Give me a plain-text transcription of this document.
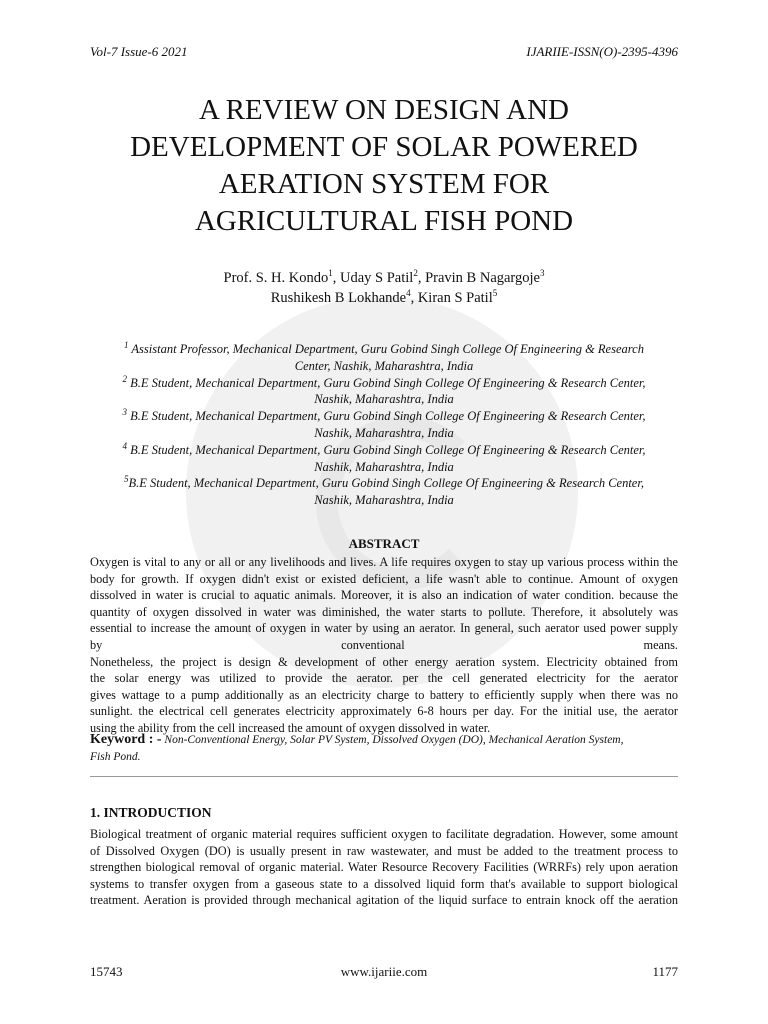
Vol-7 Issue-6 2021	IJARIIE-ISSN(O)-2395-4396
A REVIEW ON DESIGN AND
DEVELOPMENT OF SOLAR POWERED
AERATION SYSTEM FOR
AGRICULTURAL FISH POND
Prof. S. H. Kondo$^1$, Uday S Patil$^2$, Pravin B Nagargoje$^3$
Rushikesh B Lokhande$^4$, Kiran S Patil$^5$
$^1$ Assistant Professor, Mechanical Department, Guru Gobind Singh College Of Engineering & Research
Center, Nashik, Maharashtra, India
$^2$ B.E Student, Mechanical Department, Guru Gobind Singh College Of Engineering & Research Center,
Nashik, Maharashtra, India
$^3$ B.E Student, Mechanical Department, Guru Gobind Singh College Of Engineering & Research Center,
Nashik, Maharashtra, India
$^4$ B.E Student, Mechanical Department, Guru Gobind Singh College Of Engineering & Research Center,
Nashik, Maharashtra, India
$^5$B.E Student, Mechanical Department, Guru Gobind Singh College Of Engineering & Research Center,
Nashik, Maharashtra, India
ABSTRACT
Oxygen is vital to any or all or any livelihoods and lives. A life requires oxygen to stay up various process within the
body for growth. If oxygen didn't exist or existed deficient, a life wasn't able to continue. Amount of oxygen
dissolved in water is crucial to aquatic animals. Moreover, it is also an indication of water condition. because the
quantity of oxygen dissolved in water was diminished, the water starts to pollute. Therefore, it absolutely was
essential to increase the amount of oxygen in water by using an aerator. In general, such aerator used power supply
by conventional means.
Nonetheless, the project is design & development of other energy aeration system. Electricity obtained from
the solar energy was utilized to provide the aerator. per the cell generated electricity for the aerator
gives wattage to a pump additionally as an electricity charge to battery to efficiently supply when there was no
sunlight. the electrical cell generates electricity approximately 6-8 hours per day. For the initial use, the aerator
using the ability from the cell increased the amount of oxygen dissolved in water.
Keyword : - Non-Conventional Energy, Solar PV System, Dissolved Oxygen (DO), Mechanical Aeration System,
Fish Pond.
1. INTRODUCTION
Biological treatment of organic material requires sufficient oxygen to facilitate degradation. However, some amount
of Dissolved Oxygen (DO) is usually present in raw wastewater, and must be added to the treatment process to
strengthen biological removal of organic material. Water Resource Recovery Facilities (WRRFs) rely upon aeration
systems to transfer oxygen from a gaseous state to a dissolved liquid form that's available to support biological
treatment. Aeration is provided through mechanical agitation of the liquid surface to entrain knock off the aeration
15743	www.ijariie.com	1177
